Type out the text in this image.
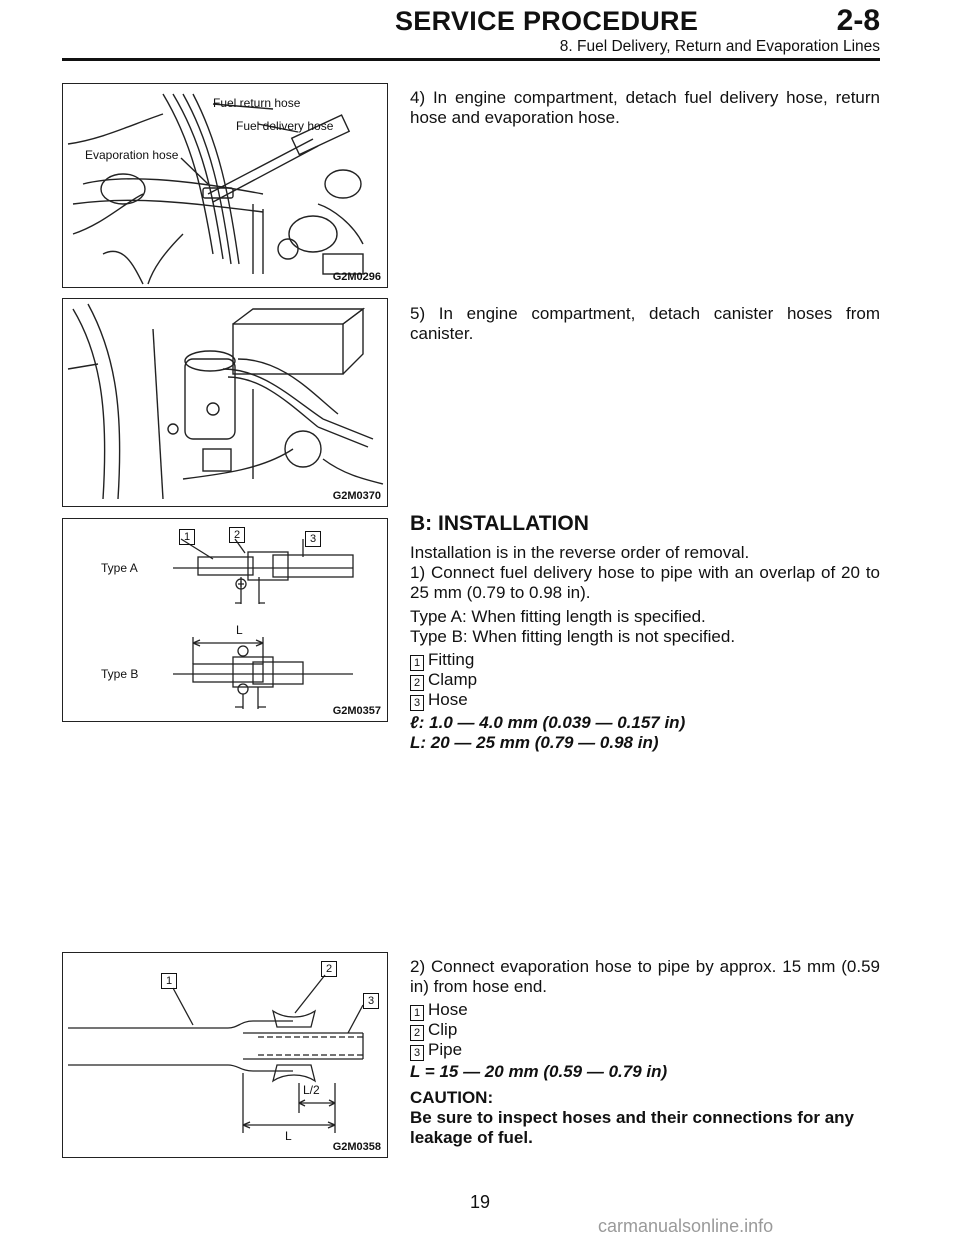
SERVICE PROCEDURE	2-8
8. Fuel Delivery, Return and Evaporation Lines
Fuel return hose
Fuel delivery hose
Evaporation hose
G2M0296
G2M0370
1	2	3
Type A
Type B
L
G2M0357
1
2
3
L/2
L
G2M0358
4) In engine compartment, detach fuel delivery hose, return hose and evaporation hose.
5) In engine compartment, detach canister hoses from canister.
B: INSTALLATION
Installation is in the reverse order of removal.
1) Connect fuel delivery hose to pipe with an overlap of 20 to 25 mm (0.79 to 0.98 in).
Type A: When fitting length is specified.
Type B: When fitting length is not specified.
1 Fitting
2 Clamp
3 Hose
ℓ: 1.0 — 4.0 mm (0.039 — 0.157 in)
L: 20 — 25 mm (0.79 — 0.98 in)
2) Connect evaporation hose to pipe by approx. 15 mm (0.59 in) from hose end.
1 Hose
2 Clip
3 Pipe
L = 15 — 20 mm (0.59 — 0.79 in)
CAUTION:
Be sure to inspect hoses and their connections for any leakage of fuel.
19
carmanualsonline.info
